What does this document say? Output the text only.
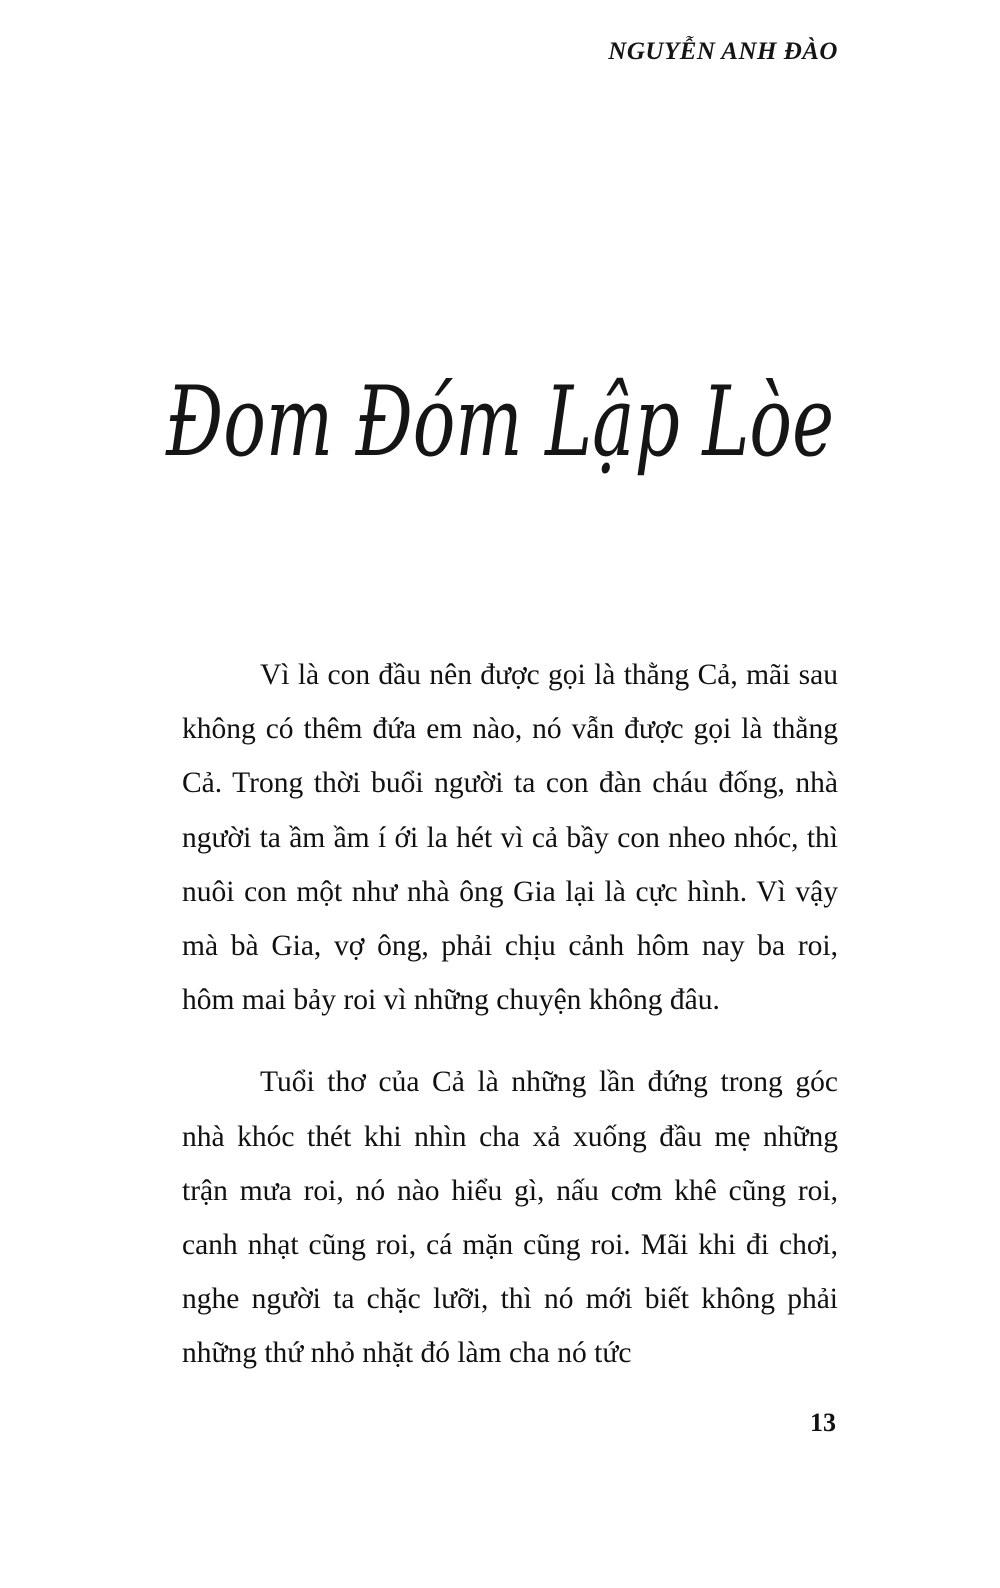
NGUYỄN ANH ĐÀO
Đom Đóm Lập Lòe

Vì là con đầu nên được gọi là thằng Cả, mãi sau không có thêm đứa em nào, nó vẫn được gọi là thằng Cả. Trong thời buổi người ta con đàn cháu đống, nhà người ta ầm ầm í ới la hét vì cả bầy con nheo nhóc, thì nuôi con một như nhà ông Gia lại là cực hình. Vì vậy mà bà Gia, vợ ông, phải chịu cảnh hôm nay ba roi, hôm mai bảy roi vì những chuyện không đâu.

Tuổi thơ của Cả là những lần đứng trong góc nhà khóc thét khi nhìn cha xả xuống đầu mẹ những trận mưa roi, nó nào hiểu gì, nấu cơm khê cũng roi, canh nhạt cũng roi, cá mặn cũng roi. Mãi khi đi chơi, nghe người ta chặc lưỡi, thì nó mới biết không phải những thứ nhỏ nhặt đó làm cha nó tức

13
